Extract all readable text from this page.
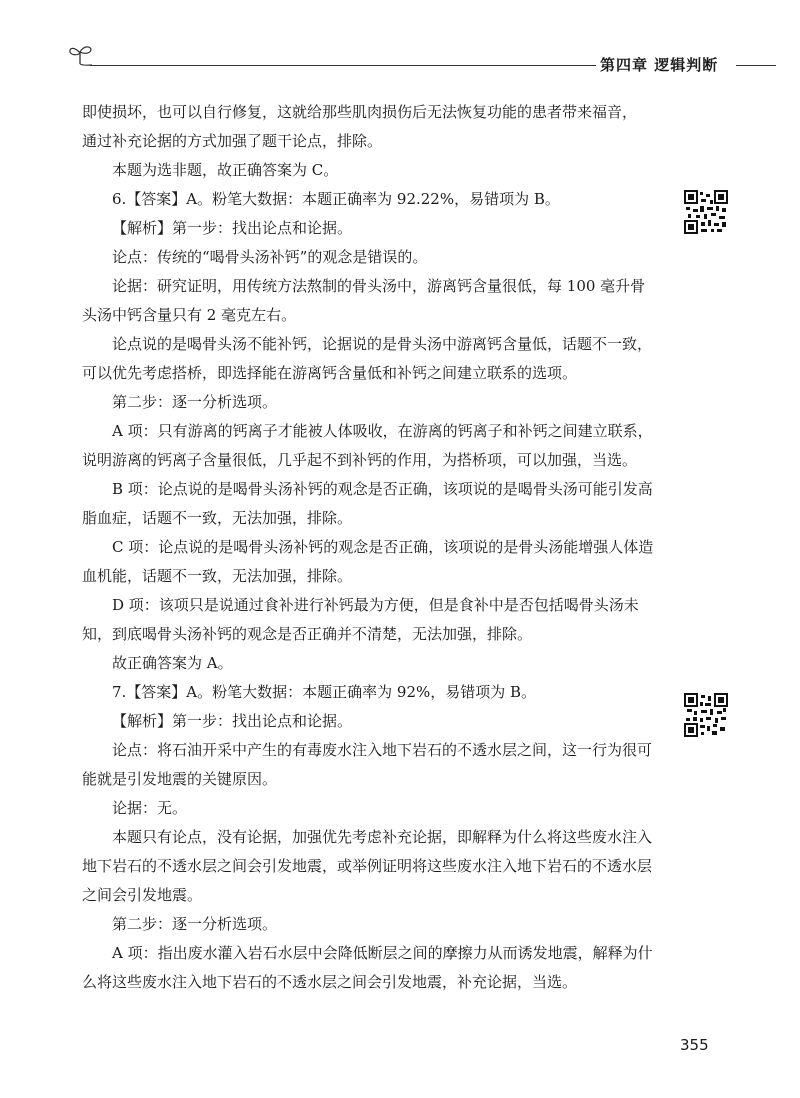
第四章 逻辑判断

即使损坏，也可以自行修复，这就给那些肌肉损伤后无法恢复功能的患者带来福音，

通过补充论据的方式加强了题干论点，排除。

本题为选非题，故正确答案为 C。

6.【答案】A。粉笔大数据：本题正确率为 92.22%，易错项为 B。

【解析】第一步：找出论点和论据。

论点：传统的“喝骨头汤补钙”的观念是错误的。

论据：研究证明，用传统方法熬制的骨头汤中，游离钙含量很低，每 100 毫升骨头汤中钙含量只有 2 毫克左右。

论点说的是喝骨头汤不能补钙，论据说的是骨头汤中游离钙含量低，话题不一致，可以优先考虑搭桥，即选择能在游离钙含量低和补钙之间建立联系的选项。

第二步：逐一分析选项。

A 项：只有游离的钙离子才能被人体吸收，在游离的钙离子和补钙之间建立联系，说明游离的钙离子含量很低，几乎起不到补钙的作用，为搭桥项，可以加强，当选。

B 项：论点说的是喝骨头汤补钙的观念是否正确，该项说的是喝骨头汤可能引发高脂血症，话题不一致，无法加强，排除。

C 项：论点说的是喝骨头汤补钙的观念是否正确，该项说的是骨头汤能增强人体造血机能，话题不一致，无法加强，排除。

D 项：该项只是说通过食补进行补钙最为方便，但是食补中是否包括喝骨头汤未知，到底喝骨头汤补钙的观念是否正确并不清楚，无法加强，排除。

故正确答案为 A。

7.【答案】A。粉笔大数据：本题正确率为 92%，易错项为 B。

【解析】第一步：找出论点和论据。

论点：将石油开采中产生的有毒废水注入地下岩石的不透水层之间，这一行为很可能就是引发地震的关键原因。

论据：无。

本题只有论点，没有论据，加强优先考虑补充论据，即解释为什么将这些废水注入地下岩石的不透水层之间会引发地震，或举例证明将这些废水注入地下岩石的不透水层之间会引发地震。

第二步：逐一分析选项。

A 项：指出废水灌入岩石水层中会降低断层之间的摩擦力从而诱发地震，解释为什么将这些废水注入地下岩石的不透水层之间会引发地震，补充论据，当选。

355
